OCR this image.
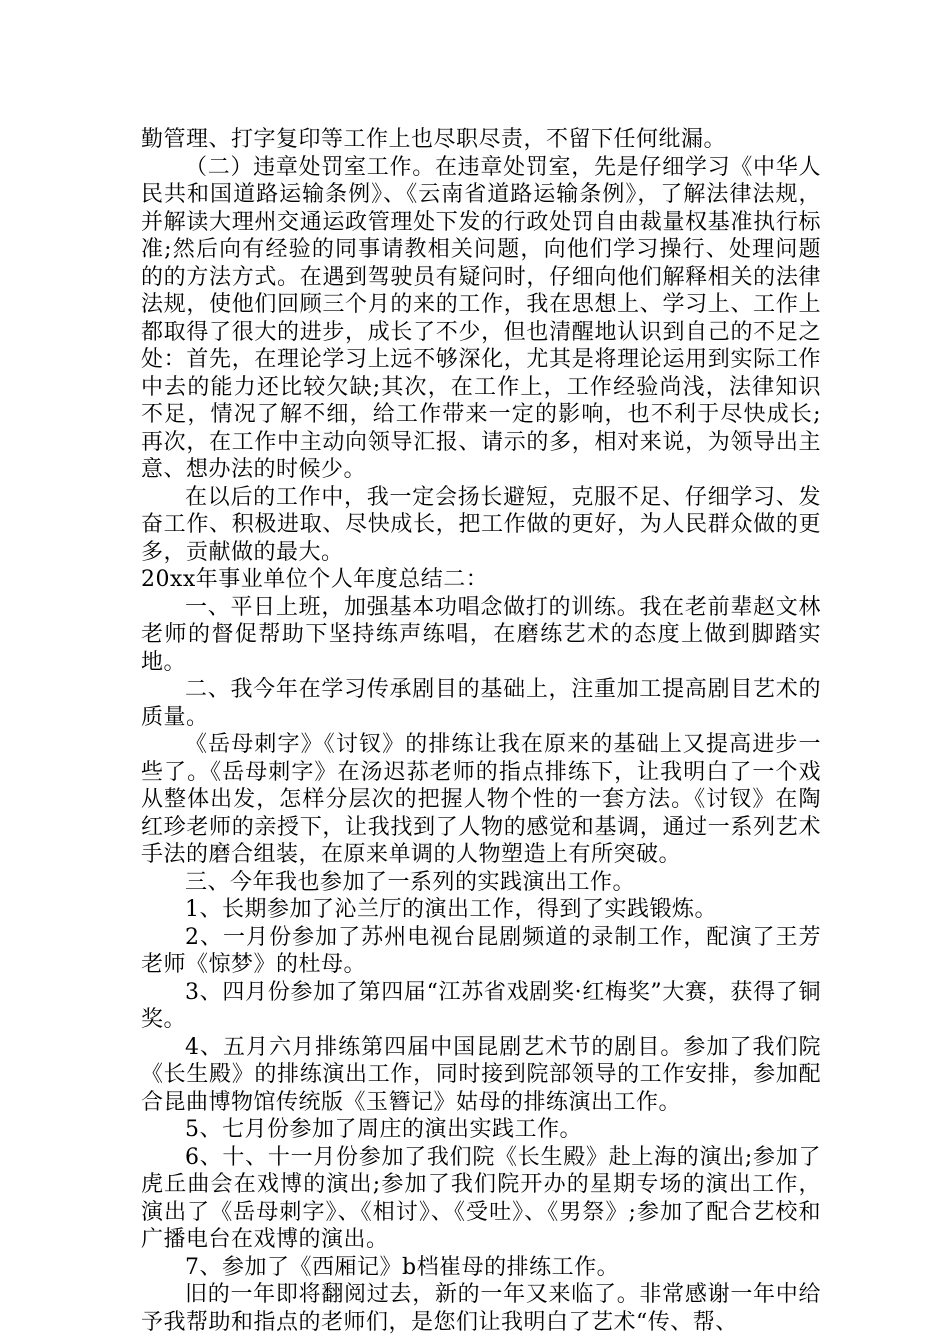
勤管理、打字复印等工作上也尽职尽责，不留下任何纰漏。

（二）违章处罚室工作。在违章处罚室，先是仔细学习《中华人民共和国道路运输条例》、《云南省道路运输条例》，了解法律法规，并解读大理州交通运政管理处下发的行政处罚自由裁量权基准执行标准;然后向有经验的同事请教相关问题，向他们学习操行、处理问题的的方法方式。在遇到驾驶员有疑问时，仔细向他们解释相关的法律法规，使他们回顾三个月的来的工作，我在思想上、学习上、工作上都取得了很大的进步，成长了不少，但也清醒地认识到自己的不足之处：首先，在理论学习上远不够深化，尤其是将理论运用到实际工作中去的能力还比较欠缺;其次，在工作上，工作经验尚浅，法律知识不足，情况了解不细，给工作带来一定的影响，也不利于尽快成长;再次，在工作中主动向领导汇报、请示的多，相对来说，为领导出主意、想办法的时候少。

在以后的工作中，我一定会扬长避短，克服不足、仔细学习、发奋工作、积极进取、尽快成长，把工作做的更好，为人民群众做的更多，贡献做的最大。

20xx年事业单位个人年度总结二：

一、平日上班，加强基本功唱念做打的训练。我在老前辈赵文林老师的督促帮助下坚持练声练唱，在磨练艺术的态度上做到脚踏实地。

二、我今年在学习传承剧目的基础上，注重加工提高剧目艺术的质量。

《岳母刺字》《讨钗》的排练让我在原来的基础上又提高进步一些了。《岳母刺字》在汤迟荪老师的指点排练下，让我明白了一个戏从整体出发，怎样分层次的把握人物个性的一套方法。《讨钗》在陶红珍老师的亲授下，让我找到了人物的感觉和基调，通过一系列艺术手法的磨合组装，在原来单调的人物塑造上有所突破。

三、今年我也参加了一系列的实践演出工作。

1、长期参加了沁兰厅的演出工作，得到了实践锻炼。

2、一月份参加了苏州电视台昆剧频道的录制工作，配演了王芳老师《惊梦》的杜母。

3、四月份参加了第四届“江苏省戏剧奖·红梅奖”大赛，获得了铜奖。

4、五月六月排练第四届中国昆剧艺术节的剧目。参加了我们院《长生殿》的排练演出工作，同时接到院部领导的工作安排，参加配合昆曲博物馆传统版《玉簪记》姑母的排练演出工作。

5、七月份参加了周庄的演出实践工作。

6、十、十一月份参加了我们院《长生殿》赴上海的演出;参加了虎丘曲会在戏博的演出;参加了我们院开办的星期专场的演出工作，演出了《岳母刺字》、《相讨》、《受吐》、《男祭》;参加了配合艺校和广播电台在戏博的演出。

7、参加了《西厢记》b档崔母的排练工作。

旧的一年即将翻阅过去，新的一年又来临了。非常感谢一年中给予我帮助和指点的老师们，是您们让我明白了艺术“传、帮、
